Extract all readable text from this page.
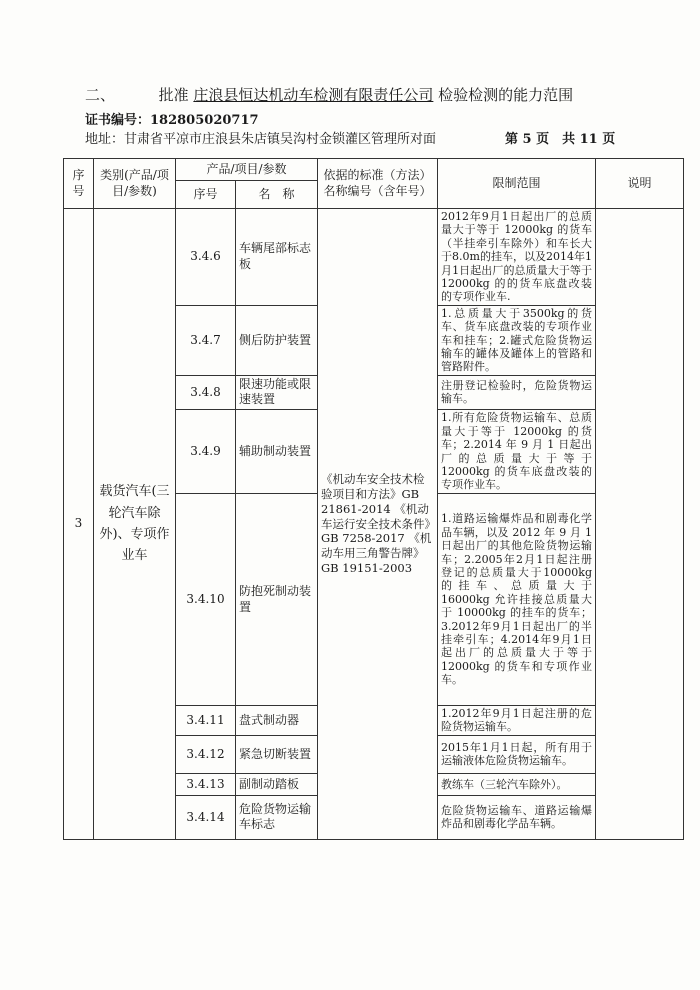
二、	批准 庄浪县恒达机动车检测有限责任公司 检验检测的能力范围
证书编号：182805020717
地址：甘肃省平凉市庄浪县朱店镇吴沟村金锁灌区管理所对面	第 5 页　共 11 页
序号	类别(产品/项目/参数)	产品/项目/参数		依据的标准（方法）名称编号（含年号）	限制范围	说明
		序号	名　称			
3	载货汽车(三轮汽车除外)、专项作业车	3.4.6	车辆尾部标志板	《机动车安全技术检验项目和方法》GB 21861-2014 《机动车运行安全技术条件》GB 7258-2017 《机动车用三角警告牌》GB 19151-2003	2012年9月1日起出厂的总质量大于等于 12000kg 的货车（半挂牵引车除外）和车长大于8.0m的挂车，以及2014年1月1日起出厂的总质量大于等于12000kg 的的货车底盘改装的专项作业车.	
		3.4.7	侧后防护装置		1.总质量大于3500kg的货车、货车底盘改装的专项作业车和挂车；2.罐式危险货物运输车的罐体及罐体上的管路和管路附件。	
		3.4.8	限速功能或限速装置		注册登记检验时，危险货物运输车。	
		3.4.9	辅助制动装置		1.所有危险货物运输车、总质量大于等于 12000kg 的货车；2.2014 年 9 月 1 日起出厂的总质量大于等于 12000kg 的货车底盘改装的专项作业车。	
		3.4.10	防抱死制动装置		1.道路运输爆炸品和剧毒化学品车辆，以及 2012 年 9 月 1 日起出厂的其他危险货物运输车；2.2005年2月1日起注册登记的总质量大于10000kg 的挂车、总质量大于 16000kg 允许挂接总质量大于 10000kg 的挂车的货车；3.2012年9月1日起出厂的半挂牵引车；4.2014年9月1日起出厂的总质量大于等于12000kg 的货车和专项作业车。	
		3.4.11	盘式制动器		1.2012年9月1日起注册的危险货物运输车。	
		3.4.12	紧急切断装置		2015年1月1日起，所有用于运输液体危险货物运输车。	
		3.4.13	副制动踏板		教练车（三轮汽车除外）。	
		3.4.14	危险货物运输车标志		危险货物运输车、道路运输爆炸品和剧毒化学品车辆。	
